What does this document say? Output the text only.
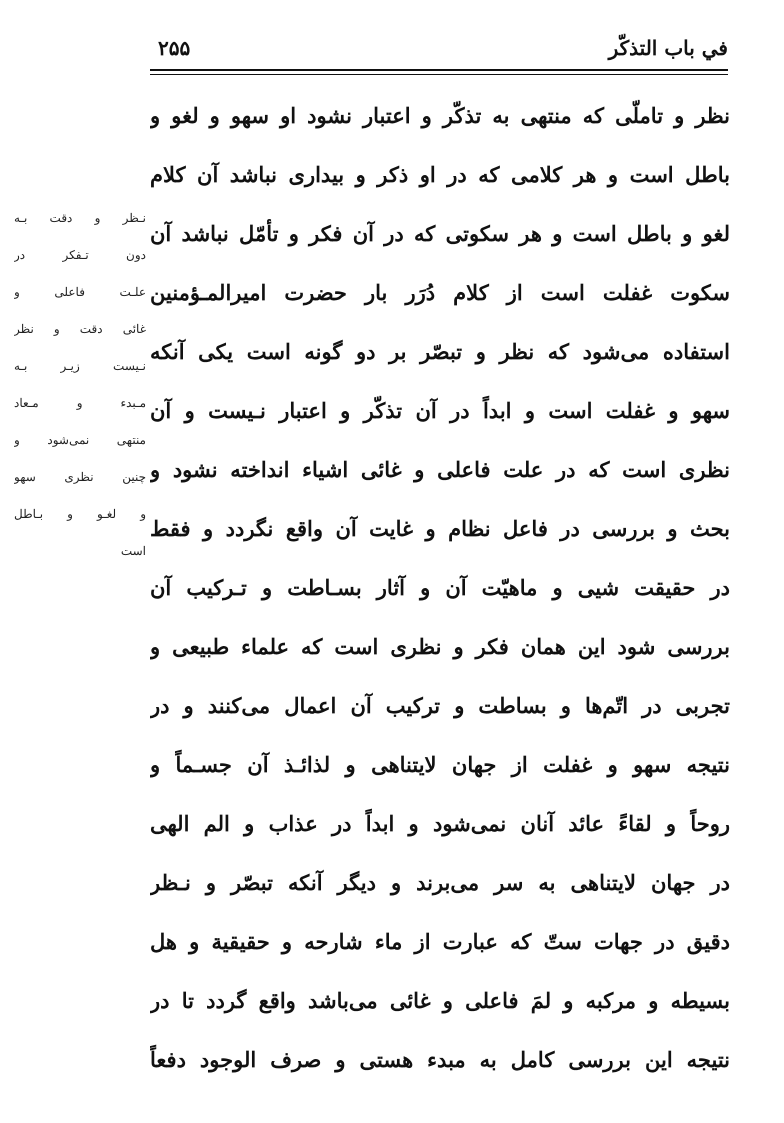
۲۵۵	في باب التذكّر
نظر و تاملّی که منتهی به تذکّر و اعتبار نشود او سهو و لغو و
باطل است و هر کلامی که در او ذکر و بیداری نباشد آن کلام
لغو و باطل است و هر سکوتی که در آن فکر و تأمّل نباشد آن
سکوت غفلت است از کلام دُرَر بار حضرت امیرالمـؤمنین
استفاده می‌شود که نظر و تبصّر بر دو گونه است یکی آنکه
سهو و غفلت است و ابداً در آن تذکّر و اعتبار نـیست و آن
نظری است که در علت فاعلی و غائی اشیاء انداخته نشود و
بحث و بررسی در فاعل نظام و غایت آن واقع نگردد و فقط
در حقیقت شیی و ماهیّت آن و آثار بسـاطت و تـرکیب آن
بررسی شود این همان فکر و نظری است که علماء طبیعی و
تجربی در اتّم‌ها و بساطت و ترکیب آن اعمال می‌کنند و در
نتیجه سهو و غفلت از جهان لایتناهی و لذائـذ آن جسـماً و
روحاً و لقاءً عائد آنان نمی‌شود و ابداً در عذاب و الم الهی
در جهان لایتناهی به سر می‌برند و دیگر آنکه تبصّر و نـظر
دقیق در جهات ستّ که عبارت از ماء شارحه و حقیقیة و هل
بسیطه و مرکبه و لمَ فاعلی و غائی می‌باشد واقع گردد تا در
نتیجه این بررسی کامل به مبدء هستی و صرف الوجود دفعاً
نـظر و دقت بـه
دون تـفکر در
علـت فاعلی و
غائی دقت و نظر
نـیست زیـر بـه
مـبدء و مـعاد
منتهی نمی‌شود و
چنین نظری سهو
و لغـو و بـاطل
است
